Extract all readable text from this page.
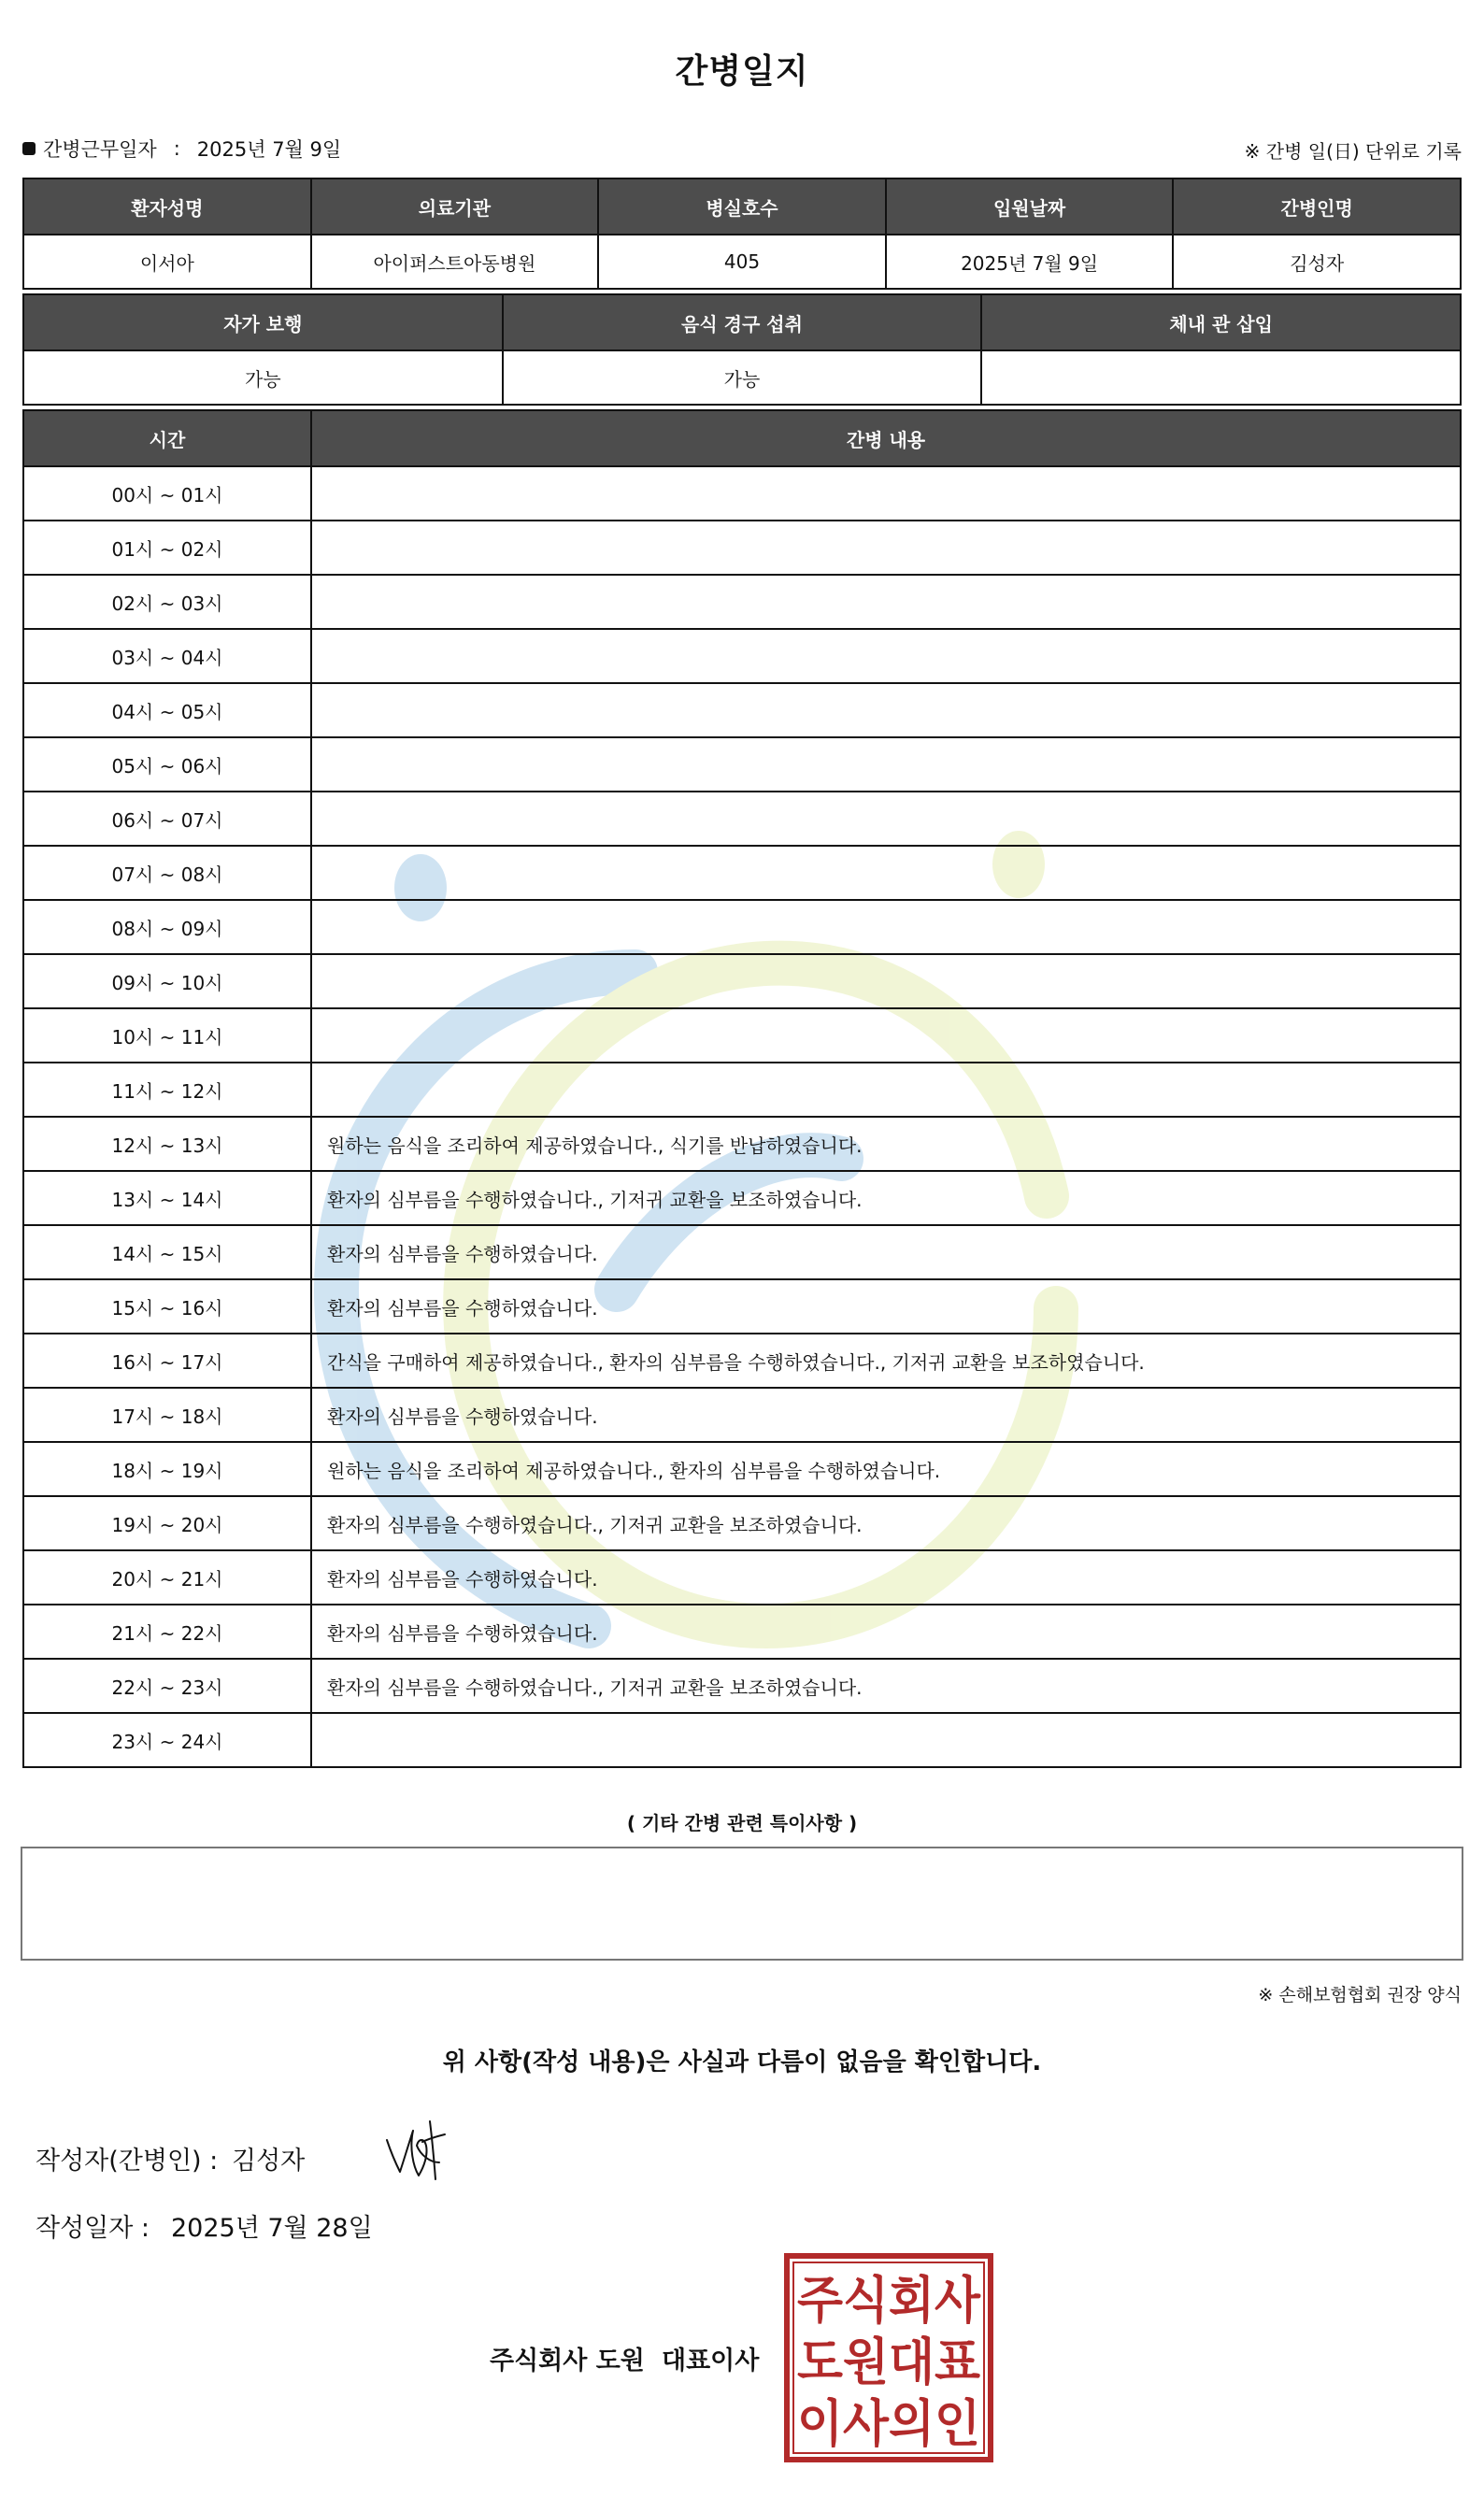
간병일지
간병근무일자 : 2025년 7월 9일	※ 간병 일(日) 단위로 기록
환자성명	의료기관	병실호수	입원날짜	간병인명
이서아	아이퍼스트아동병원	405	2025년 7월 9일	김성자
자가 보행	음식 경구 섭취	체내 관 삽입
가능	가능	
시간	간병 내용
00시 ~ 01시	
01시 ~ 02시	
02시 ~ 03시	
03시 ~ 04시	
04시 ~ 05시	
05시 ~ 06시	
06시 ~ 07시	
07시 ~ 08시	
08시 ~ 09시	
09시 ~ 10시	
10시 ~ 11시	
11시 ~ 12시	
12시 ~ 13시	원하는 음식을 조리하여 제공하였습니다., 식기를 반납하였습니다.
13시 ~ 14시	환자의 심부름을 수행하였습니다., 기저귀 교환을 보조하였습니다.
14시 ~ 15시	환자의 심부름을 수행하였습니다.
15시 ~ 16시	환자의 심부름을 수행하였습니다.
16시 ~ 17시	간식을 구매하여 제공하였습니다., 환자의 심부름을 수행하였습니다., 기저귀 교환을 보조하였습니다.
17시 ~ 18시	환자의 심부름을 수행하였습니다.
18시 ~ 19시	원하는 음식을 조리하여 제공하였습니다., 환자의 심부름을 수행하였습니다.
19시 ~ 20시	환자의 심부름을 수행하였습니다., 기저귀 교환을 보조하였습니다.
20시 ~ 21시	환자의 심부름을 수행하였습니다.
21시 ~ 22시	환자의 심부름을 수행하였습니다.
22시 ~ 23시	환자의 심부름을 수행하였습니다., 기저귀 교환을 보조하였습니다.
23시 ~ 24시	
( 기타 간병 관련 특이사항 )
※ 손해보험협회 권장 양식
위 사항(작성 내용)은 사실과 다름이 없음을 확인합니다.
작성자(간병인) : 김성자
작성일자 : 2025년 7월 28일
주식회사 도원 대표이사
주식회사
도원대표
이사의인
